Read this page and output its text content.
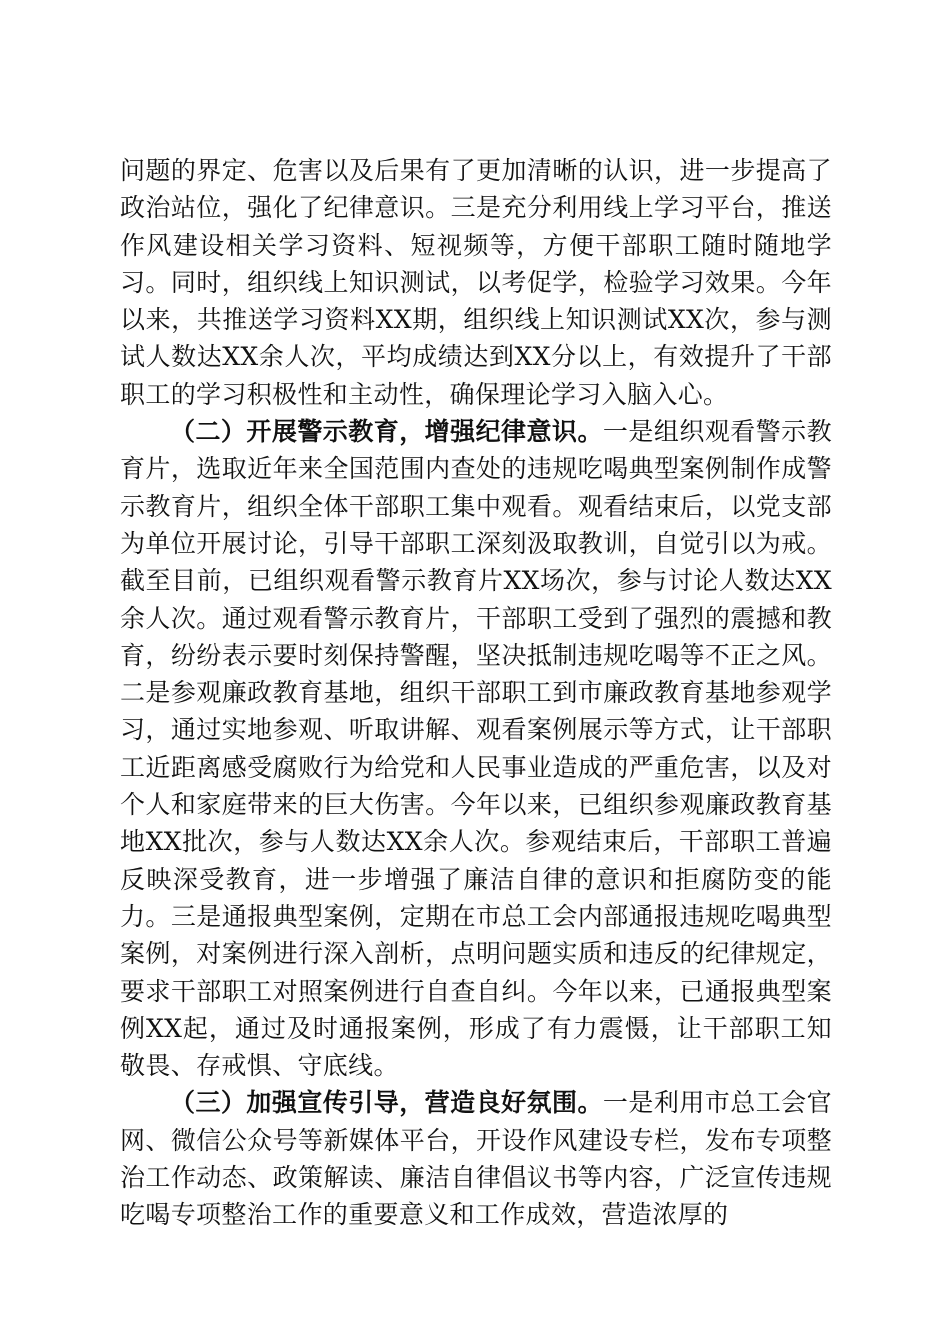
问题的界定、危害以及后果有了更加清晰的认识，进一步提高了政治站位，强化了纪律意识。三是充分利用线上学习平台，推送作风建设相关学习资料、短视频等，方便干部职工随时随地学习。同时，组织线上知识测试，以考促学，检验学习效果。今年以来，共推送学习资料XX期，组织线上知识测试XX次，参与测试人数达XX余人次，平均成绩达到XX分以上，有效提升了干部职工的学习积极性和主动性，确保理论学习入脑入心。

（二）开展警示教育，增强纪律意识。一是组织观看警示教育片，选取近年来全国范围内查处的违规吃喝典型案例制作成警示教育片，组织全体干部职工集中观看。观看结束后，以党支部为单位开展讨论，引导干部职工深刻汲取教训，自觉引以为戒。截至目前，已组织观看警示教育片XX场次，参与讨论人数达XX余人次。通过观看警示教育片，干部职工受到了强烈的震撼和教育，纷纷表示要时刻保持警醒，坚决抵制违规吃喝等不正之风。二是参观廉政教育基地，组织干部职工到市廉政教育基地参观学习，通过实地参观、听取讲解、观看案例展示等方式，让干部职工近距离感受腐败行为给党和人民事业造成的严重危害，以及对个人和家庭带来的巨大伤害。今年以来，已组织参观廉政教育基地XX批次，参与人数达XX余人次。参观结束后，干部职工普遍反映深受教育，进一步增强了廉洁自律的意识和拒腐防变的能力。三是通报典型案例，定期在市总工会内部通报违规吃喝典型案例，对案例进行深入剖析，点明问题实质和违反的纪律规定，要求干部职工对照案例进行自查自纠。今年以来，已通报典型案例XX起，通过及时通报案例，形成了有力震慑，让干部职工知敬畏、存戒惧、守底线。

（三）加强宣传引导，营造良好氛围。一是利用市总工会官网、微信公众号等新媒体平台，开设作风建设专栏，发布专项整治工作动态、政策解读、廉洁自律倡议书等内容，广泛宣传违规吃喝专项整治工作的重要意义和工作成效，营造浓厚的
